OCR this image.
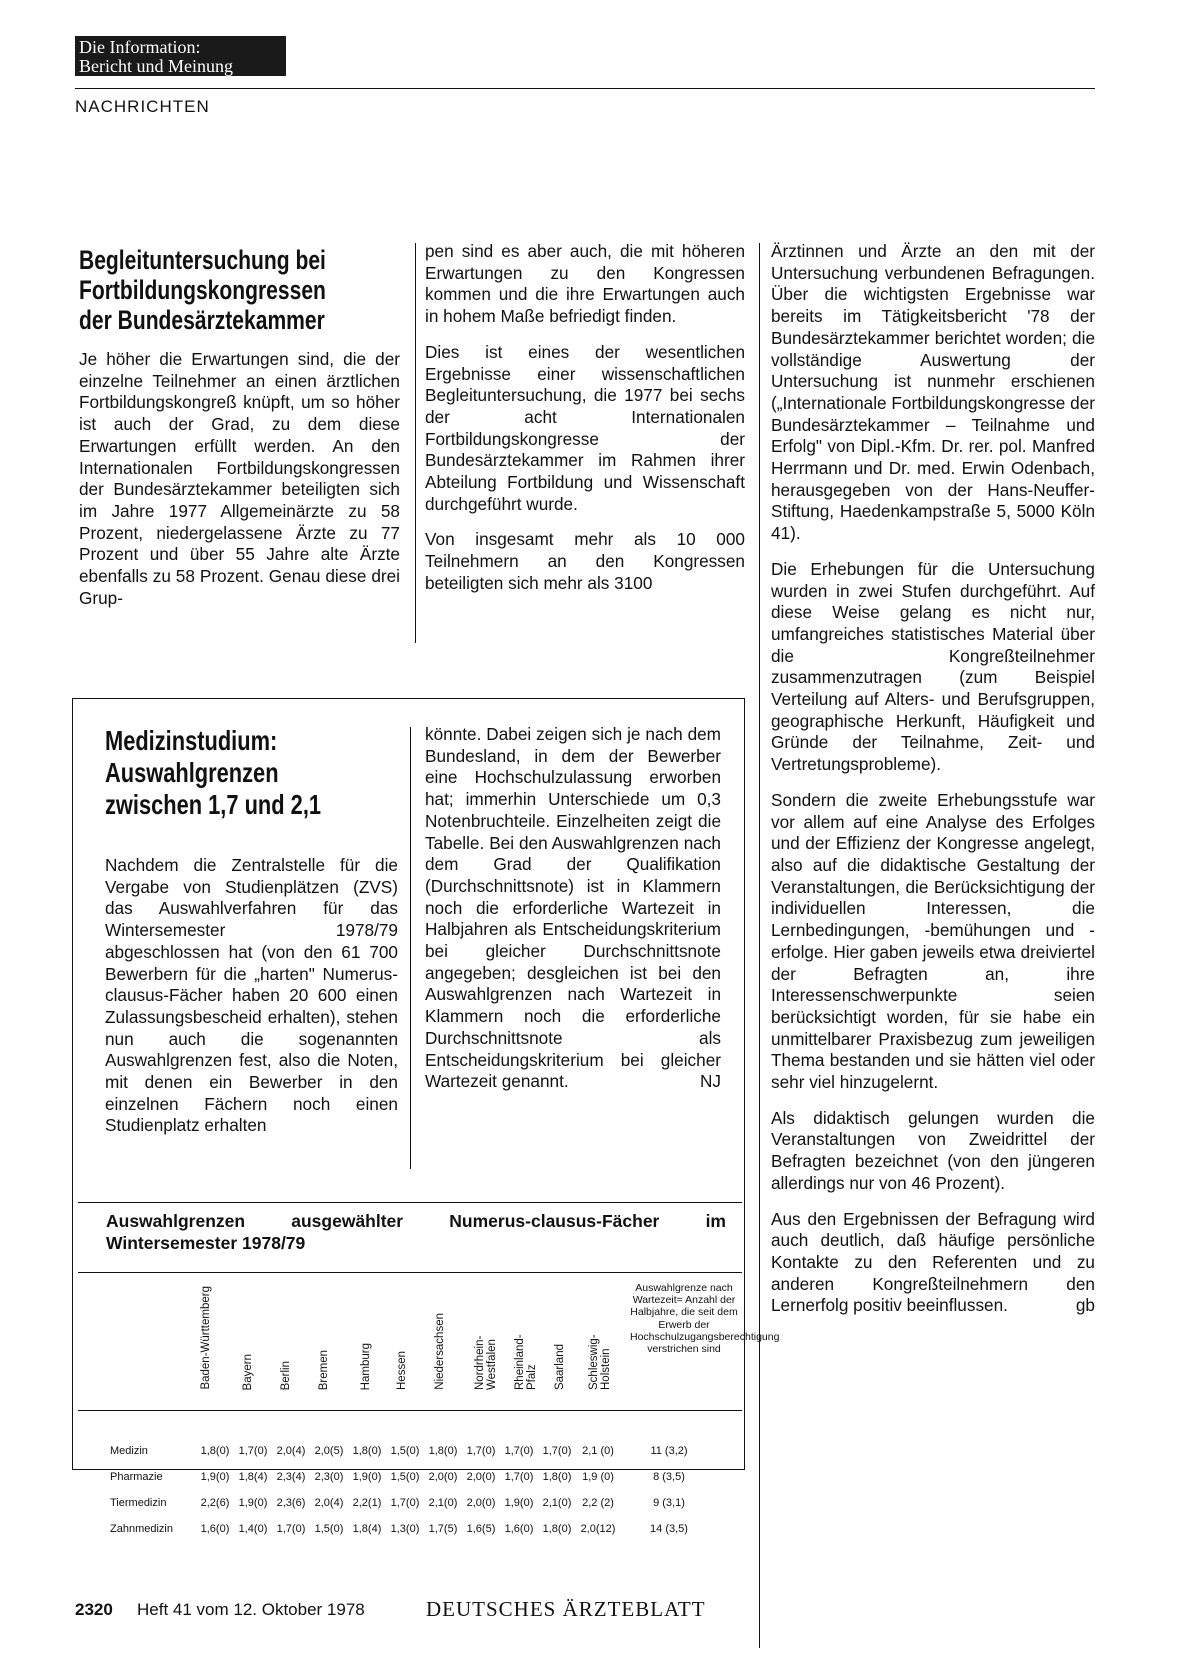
Die Information:
Bericht und Meinung
NACHRICHTEN
Begleituntersuchung bei
Fortbildungskongressen
der Bundesärztekammer

Je höher die Erwartungen sind, die der einzelne Teilnehmer an einen ärztlichen Fortbildungskongreß knüpft, um so höher ist auch der Grad, zu dem diese Erwartungen erfüllt werden. An den Internationalen Fortbildungskongressen der Bundesärztekammer beteiligten sich im Jahre 1977 Allgemeinärzte zu 58 Prozent, niedergelassene Ärzte zu 77 Prozent und über 55 Jahre alte Ärzte ebenfalls zu 58 Prozent. Genau diese drei Grup-

pen sind es aber auch, die mit höheren Erwartungen zu den Kongressen kommen und die ihre Erwartungen auch in hohem Maße befriedigt finden.

Dies ist eines der wesentlichen Ergebnisse einer wissenschaftlichen Begleituntersuchung, die 1977 bei sechs der acht Internationalen Fortbildungskongresse der Bundesärztekammer im Rahmen ihrer Abteilung Fortbildung und Wissenschaft durchgeführt wurde.

Von insgesamt mehr als 10 000 Teilnehmern an den Kongressen beteiligten sich mehr als 3100

Ärztinnen und Ärzte an den mit der Untersuchung verbundenen Befragungen. Über die wichtigsten Ergebnisse war bereits im Tätigkeitsbericht '78 der Bundesärztekammer berichtet worden; die vollständige Auswertung der Untersuchung ist nunmehr erschienen („Internationale Fortbildungskongresse der Bundesärztekammer – Teilnahme und Erfolg" von Dipl.-Kfm. Dr. rer. pol. Manfred Herrmann und Dr. med. Erwin Odenbach, herausgegeben von der Hans-Neuffer-Stiftung, Haedenkampstraße 5, 5000 Köln 41).

Die Erhebungen für die Untersuchung wurden in zwei Stufen durchgeführt. Auf diese Weise gelang es nicht nur, umfangreiches statistisches Material über die Kongreßteilnehmer zusammenzutragen (zum Beispiel Verteilung auf Alters- und Berufsgruppen, geographische Herkunft, Häufigkeit und Gründe der Teilnahme, Zeit- und Vertretungsprobleme).

Sondern die zweite Erhebungsstufe war vor allem auf eine Analyse des Erfolges und der Effizienz der Kongresse angelegt, also auf die didaktische Gestaltung der Veranstaltungen, die Berücksichtigung der individuellen Interessen, die Lernbedingungen, -bemühungen und -erfolge. Hier gaben jeweils etwa dreiviertel der Befragten an, ihre Interessenschwerpunkte seien berücksichtigt worden, für sie habe ein unmittelbarer Praxisbezug zum jeweiligen Thema bestanden und sie hätten viel oder sehr viel hinzugelernt.

Als didaktisch gelungen wurden die Veranstaltungen von Zweidrittel der Befragten bezeichnet (von den jüngeren allerdings nur von 46 Prozent).

Aus den Ergebnissen der Befragung wird auch deutlich, daß häufige persönliche Kontakte zu den Referenten und zu anderen Kongreßteilnehmern den Lernerfolg positiv beeinflussen.	gb

Medizinstudium:
Auswahlgrenzen
zwischen 1,7 und 2,1

Nachdem die Zentralstelle für die Vergabe von Studienplätzen (ZVS) das Auswahlverfahren für das Wintersemester 1978/79 abgeschlossen hat (von den 61 700 Bewerbern für die „harten" Numerus-clausus-Fächer haben 20 600 einen Zulassungsbescheid erhalten), stehen nun auch die sogenannten Auswahlgrenzen fest, also die Noten, mit denen ein Bewerber in den einzelnen Fächern noch einen Studienplatz erhalten

könnte. Dabei zeigen sich je nach dem Bundesland, in dem der Bewerber eine Hochschulzulassung erworben hat; immerhin Unterschiede um 0,3 Notenbruchteile. Einzelheiten zeigt die Tabelle. Bei den Auswahlgrenzen nach dem Grad der Qualifikation (Durchschnittsnote) ist in Klammern noch die erforderliche Wartezeit in Halbjahren als Entscheidungskriterium bei gleicher Durchschnittsnote angegeben; desgleichen ist bei den Auswahlgrenzen nach Wartezeit in Klammern noch die erforderliche Durchschnittsnote als Entscheidungskriterium bei gleicher Wartezeit genannt.	NJ

Auswahlgrenzen ausgewählter Numerus-clausus-Fächer im
Wintersemester 1978/79
Baden-Württemberg	Bayern Berlin Bremen	Hamburg Hessen Niedersachsen Nordrhein-Westfalen Rheinland-Pfalz Saarland Schleswig-Holstein
Auswahlgrenze nach Wartezeit= Anzahl der Halbjahre, die seit dem Erwerb der Hochschulzugangsberechtigung verstrichen sind
Medizin	1,8(0)	1,7(0)	2,0(4)	2,0(5)	1,8(0)	1,5(0)	1,8(0)	1,7(0)	1,7(0)	1,7(0)	2,1 (0)	11 (3,2)
Pharmazie	1,9(0)	1,8(4)	2,3(4)	2,3(0)	1,9(0)	1,5(0)	2,0(0)	2,0(0)	1,7(0)	1,8(0)	1,9 (0)	8 (3,5)
Tiermedizin	2,2(6)	1,9(0)	2,3(6)	2,0(4)	2,2(1)	1,7(0)	2,1(0)	2,0(0)	1,9(0)	2,1(0)	2,2 (2)	9 (3,1)
Zahnmedizin	1,6(0)	1,4(0)	1,7(0)	1,5(0)	1,8(4)	1,3(0)	1,7(5)	1,6(5)	1,6(0)	1,8(0)	2,0(12)	14 (3,5)
2320 Heft 41 vom 12. Oktober 1978	DEUTSCHES ÄRZTEBLATT
